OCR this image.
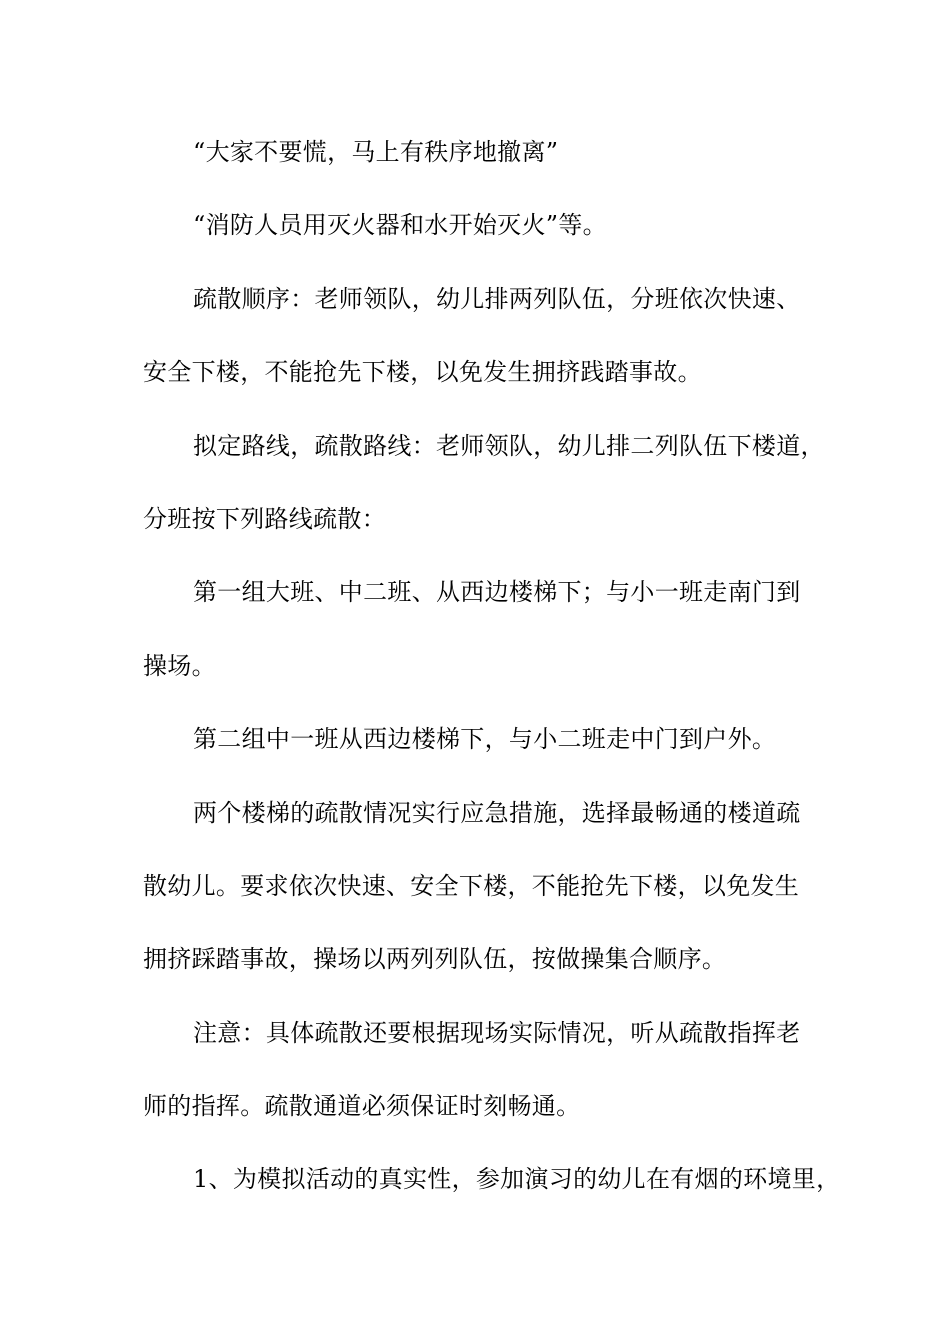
“大家不要慌，马上有秩序地撤离”
“消防人员用灭火器和水开始灭火”等。
疏散顺序：老师领队，幼儿排两列队伍，分班依次快速、
安全下楼，不能抢先下楼，以免发生拥挤践踏事故。
拟定路线，疏散路线：老师领队，幼儿排二列队伍下楼道，
分班按下列路线疏散：
第一组大班、中二班、从西边楼梯下；与小一班走南门到
操场。
第二组中一班从西边楼梯下，与小二班走中门到户外。
两个楼梯的疏散情况实行应急措施，选择最畅通的楼道疏
散幼儿。要求依次快速、安全下楼，不能抢先下楼，以免发生
拥挤踩踏事故，操场以两列列队伍，按做操集合顺序。
注意：具体疏散还要根据现场实际情况，听从疏散指挥老
师的指挥。疏散通道必须保证时刻畅通。
1、为模拟活动的真实性，参加演习的幼儿在有烟的环境里，
